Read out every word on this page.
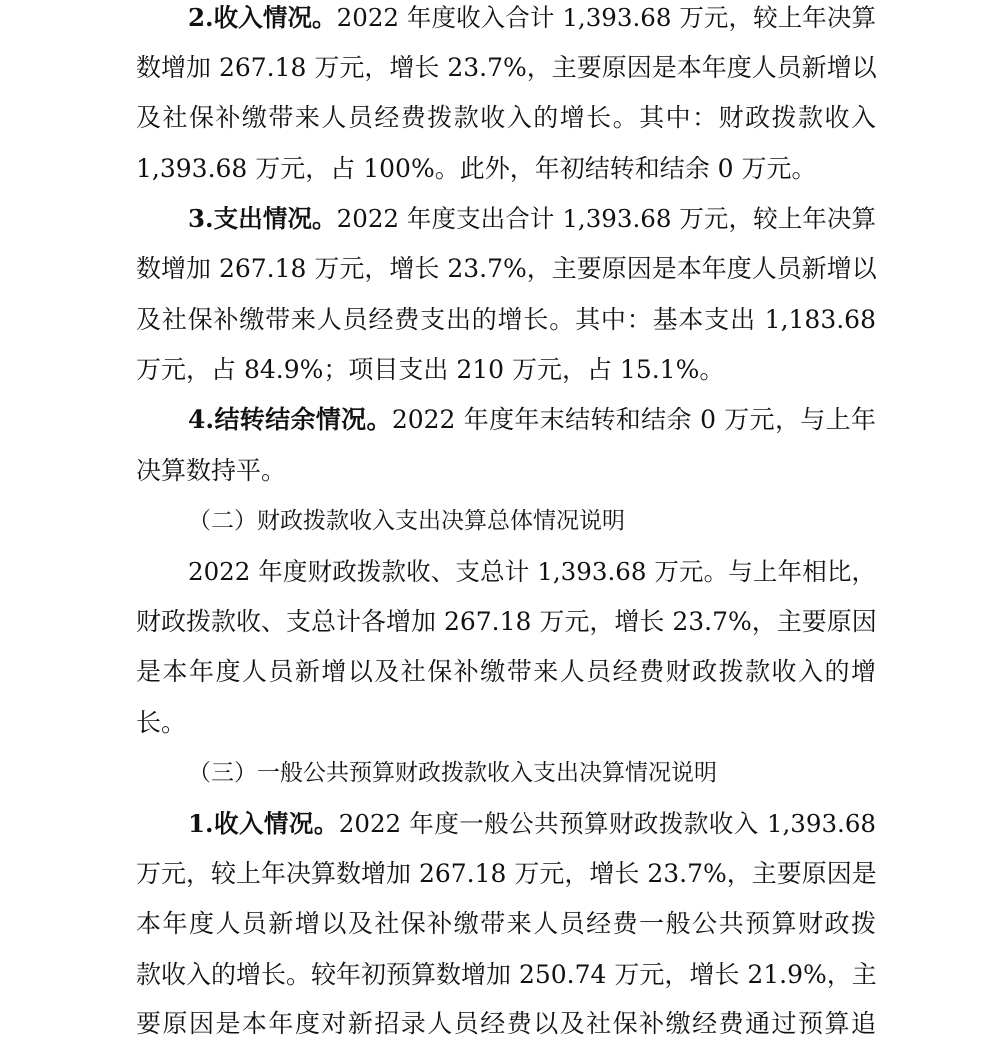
2.收入情况。2022 年度收入合计 1,393.68 万元，较上年决算
数增加 267.18 万元，增长 23.7%，主要原因是本年度人员新增以
及社保补缴带来人员经费拨款收入的增长。其中：财政拨款收入
1,393.68 万元，占 100%。此外，年初结转和结余 0 万元。
3.支出情况。2022 年度支出合计 1,393.68 万元，较上年决算
数增加 267.18 万元，增长 23.7%，主要原因是本年度人员新增以
及社保补缴带来人员经费支出的增长。其中：基本支出 1,183.68
万元，占 84.9%；项目支出 210 万元，占 15.1%。
4.结转结余情况。2022 年度年末结转和结余 0 万元，与上年
决算数持平。
（二）财政拨款收入支出决算总体情况说明
2022 年度财政拨款收、支总计 1,393.68 万元。与上年相比，
财政拨款收、支总计各增加 267.18 万元，增长 23.7%，主要原因
是本年度人员新增以及社保补缴带来人员经费财政拨款收入的增
长。
（三）一般公共预算财政拨款收入支出决算情况说明
1.收入情况。2022 年度一般公共预算财政拨款收入 1,393.68
万元，较上年决算数增加 267.18 万元，增长 23.7%，主要原因是
本年度人员新增以及社保补缴带来人员经费一般公共预算财政拨
款收入的增长。较年初预算数增加 250.74 万元，增长 21.9%，主
要原因是本年度对新招录人员经费以及社保补缴经费通过预算追
